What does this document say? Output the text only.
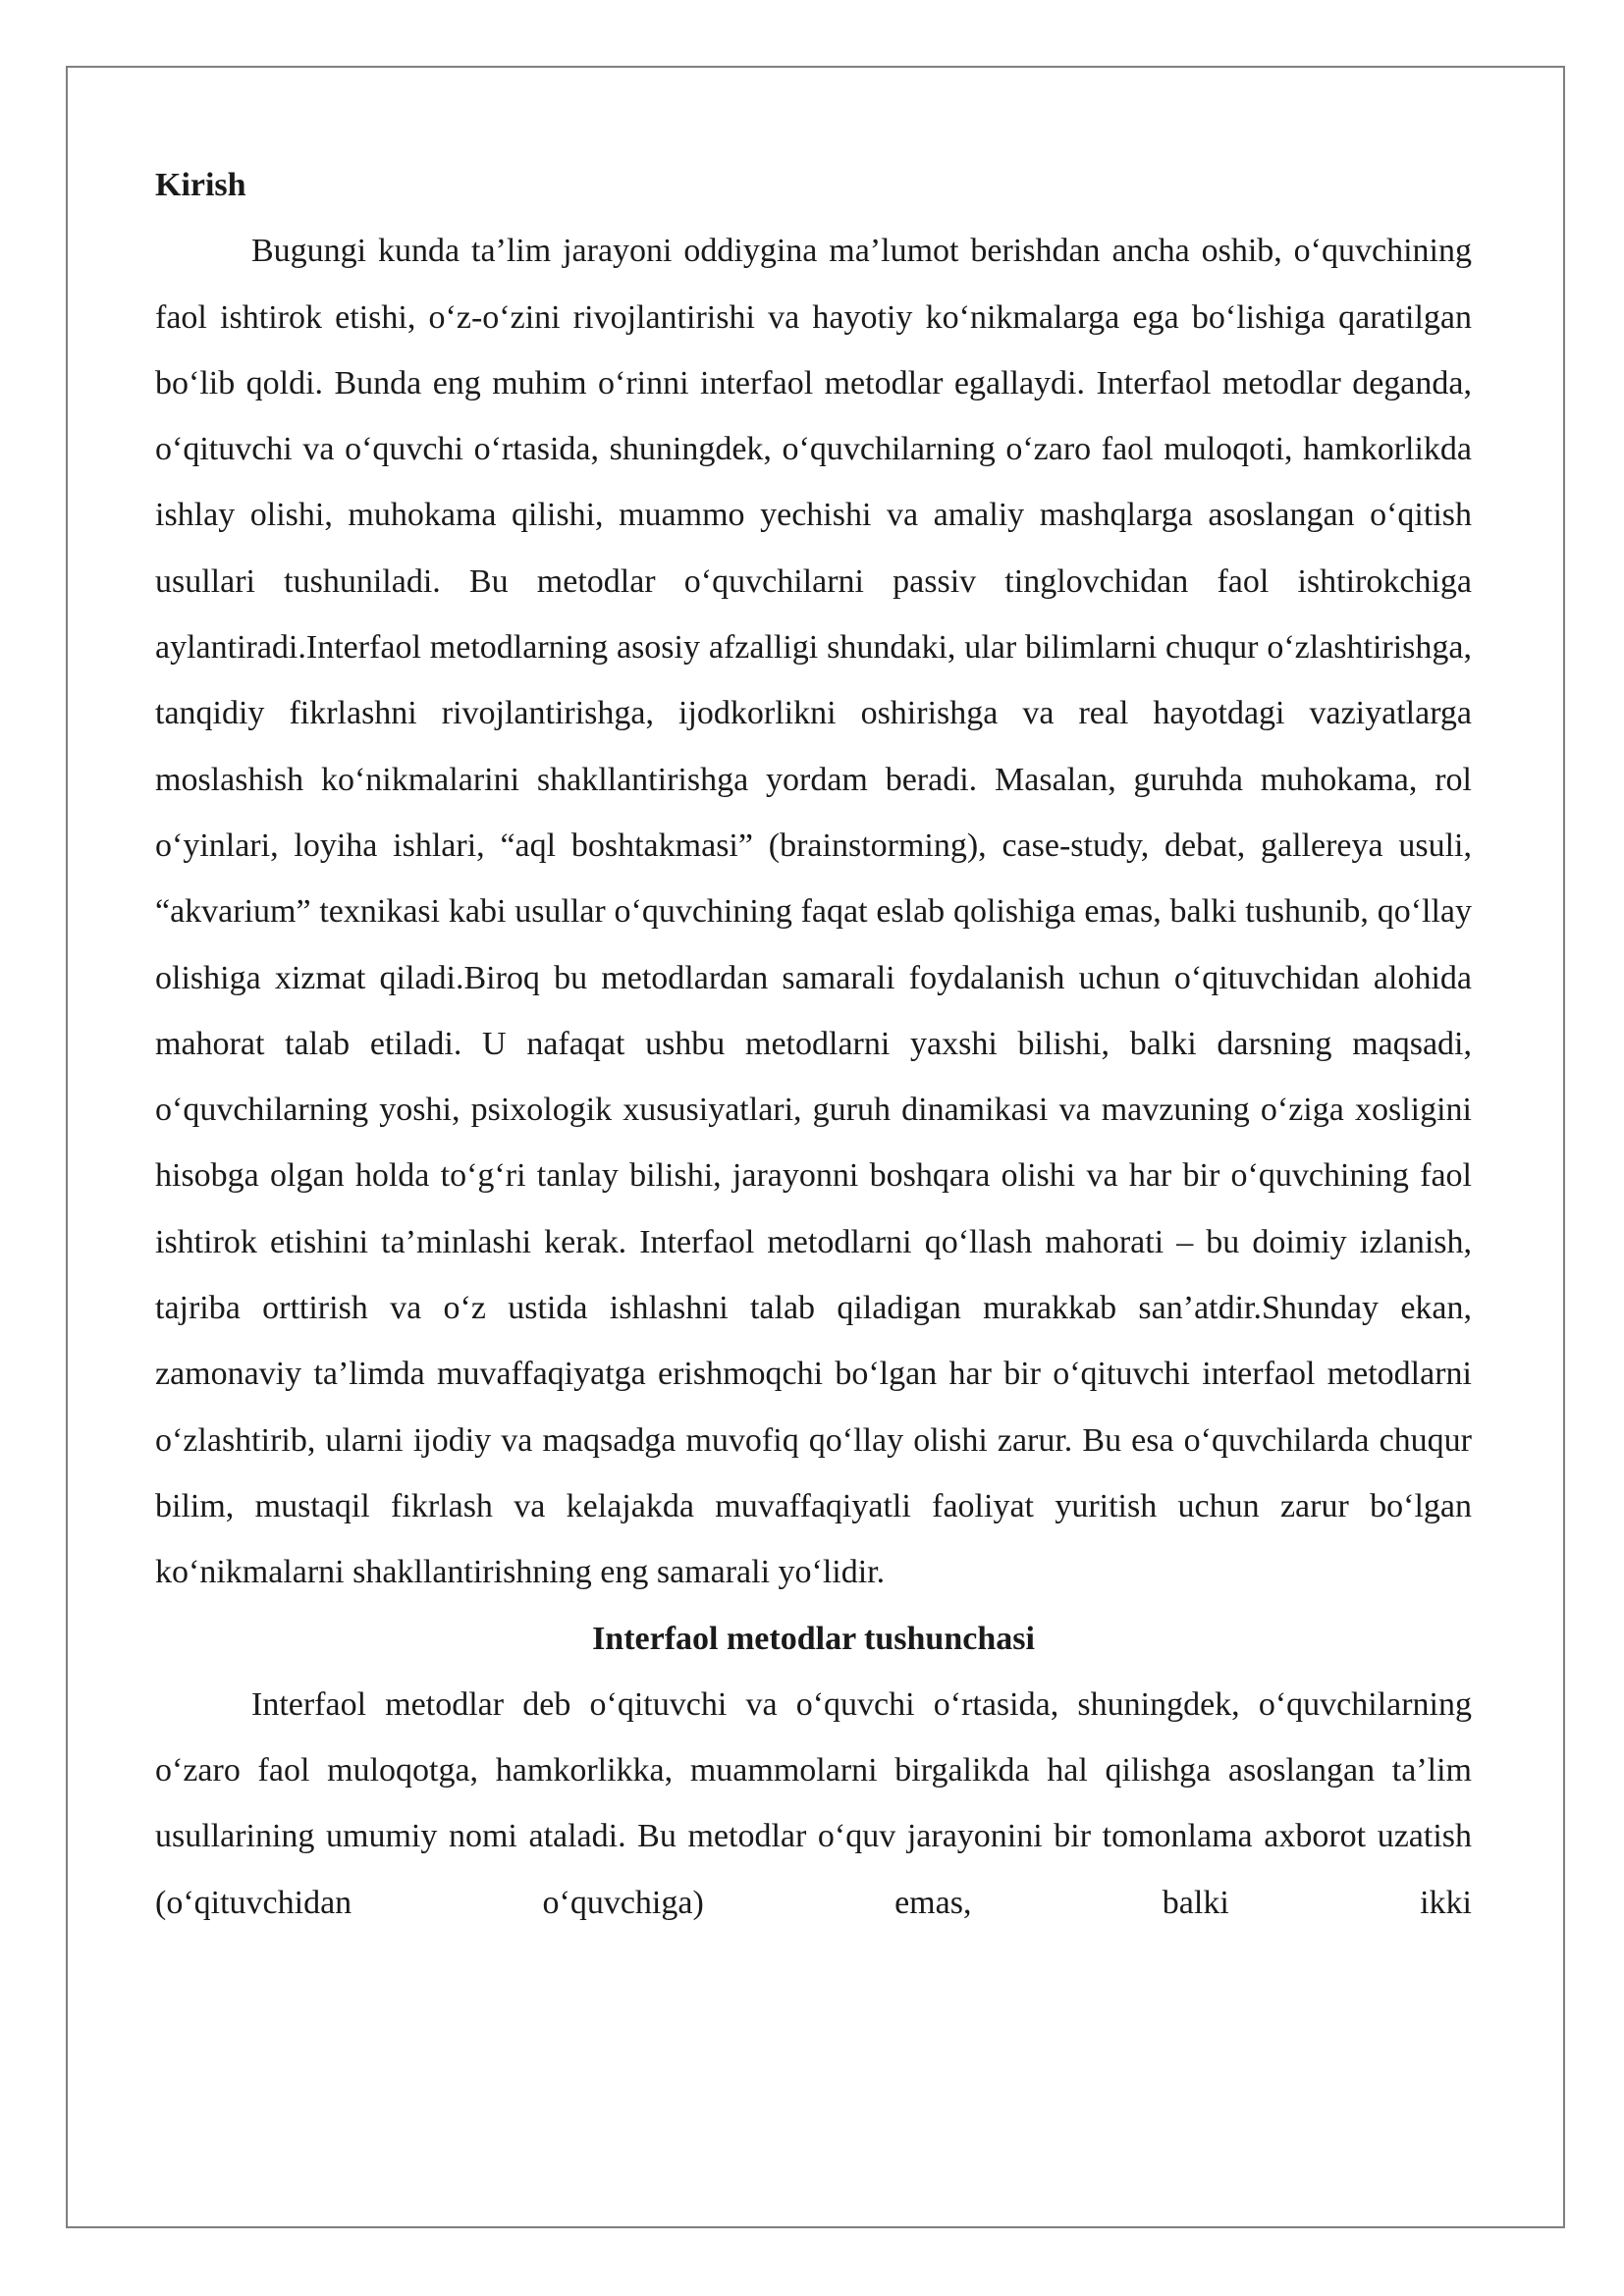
Kirish

Bugungi kunda ta’lim jarayoni oddiygina ma’lumot berishdan ancha oshib, o‘quvchining faol ishtirok etishi, o‘z-o‘zini rivojlantirishi va hayotiy ko‘nikmalarga ega bo‘lishiga qaratilgan bo‘lib qoldi. Bunda eng muhim o‘rinni interfaol metodlar egallaydi. Interfaol metodlar deganda, o‘qituvchi va o‘quvchi o‘rtasida, shuningdek, o‘quvchilarning o‘zaro faol muloqoti, hamkorlikda ishlay olishi, muhokama qilishi, muammo yechishi va amaliy mashqlarga asoslangan o‘qitish usullari tushuniladi. Bu metodlar o‘quvchilarni passiv tinglovchidan faol ishtirokchiga aylantiradi.Interfaol metodlarning asosiy afzalligi shundaki, ular bilimlarni chuqur o‘zlashtirishga, tanqidiy fikrlashni rivojlantirishga, ijodkorlikni oshirishga va real hayotdagi vaziyatlarga moslashish ko‘nikmalarini shakllantirishga yordam beradi. Masalan, guruhda muhokama, rol o‘yinlari, loyiha ishlari, “aql boshtakmasi” (brainstorming), case-study, debat, gallereya usuli, “akvarium” texnikasi kabi usullar o‘quvchining faqat eslab qolishiga emas, balki tushunib, qo‘llay olishiga xizmat qiladi.Biroq bu metodlardan samarali foydalanish uchun o‘qituvchidan alohida mahorat talab etiladi. U nafaqat ushbu metodlarni yaxshi bilishi, balki darsning maqsadi, o‘quvchilarning yoshi, psixologik xususiyatlari, guruh dinamikasi va mavzuning o‘ziga xosligini hisobga olgan holda to‘g‘ri tanlay bilishi, jarayonni boshqara olishi va har bir o‘quvchining faol ishtirok etishini ta’minlashi kerak. Interfaol metodlarni qo‘llash mahorati – bu doimiy izlanish, tajriba orttirish va o‘z ustida ishlashni talab qiladigan murakkab san’atdir.Shunday ekan, zamonaviy ta’limda muvaffaqiyatga erishmoqchi bo‘lgan har bir o‘qituvchi interfaol metodlarni o‘zlashtirib, ularni ijodiy va maqsadga muvofiq qo‘llay olishi zarur. Bu esa o‘quvchilarda chuqur bilim, mustaqil fikrlash va kelajakda muvaffaqiyatli faoliyat yuritish uchun zarur bo‘lgan ko‘nikmalarni shakllantirishning eng samarali yo‘lidir.

Interfaol metodlar tushunchasi

Interfaol metodlar deb o‘qituvchi va o‘quvchi o‘rtasida, shuningdek, o‘quvchilarning o‘zaro faol muloqotga, hamkorlikka, muammolarni birgalikda hal qilishga asoslangan ta’lim usullarining umumiy nomi ataladi. Bu metodlar o‘quv jarayonini bir tomonlama axborot uzatish (o‘qituvchidan o‘quvchiga) emas, balki ikki
